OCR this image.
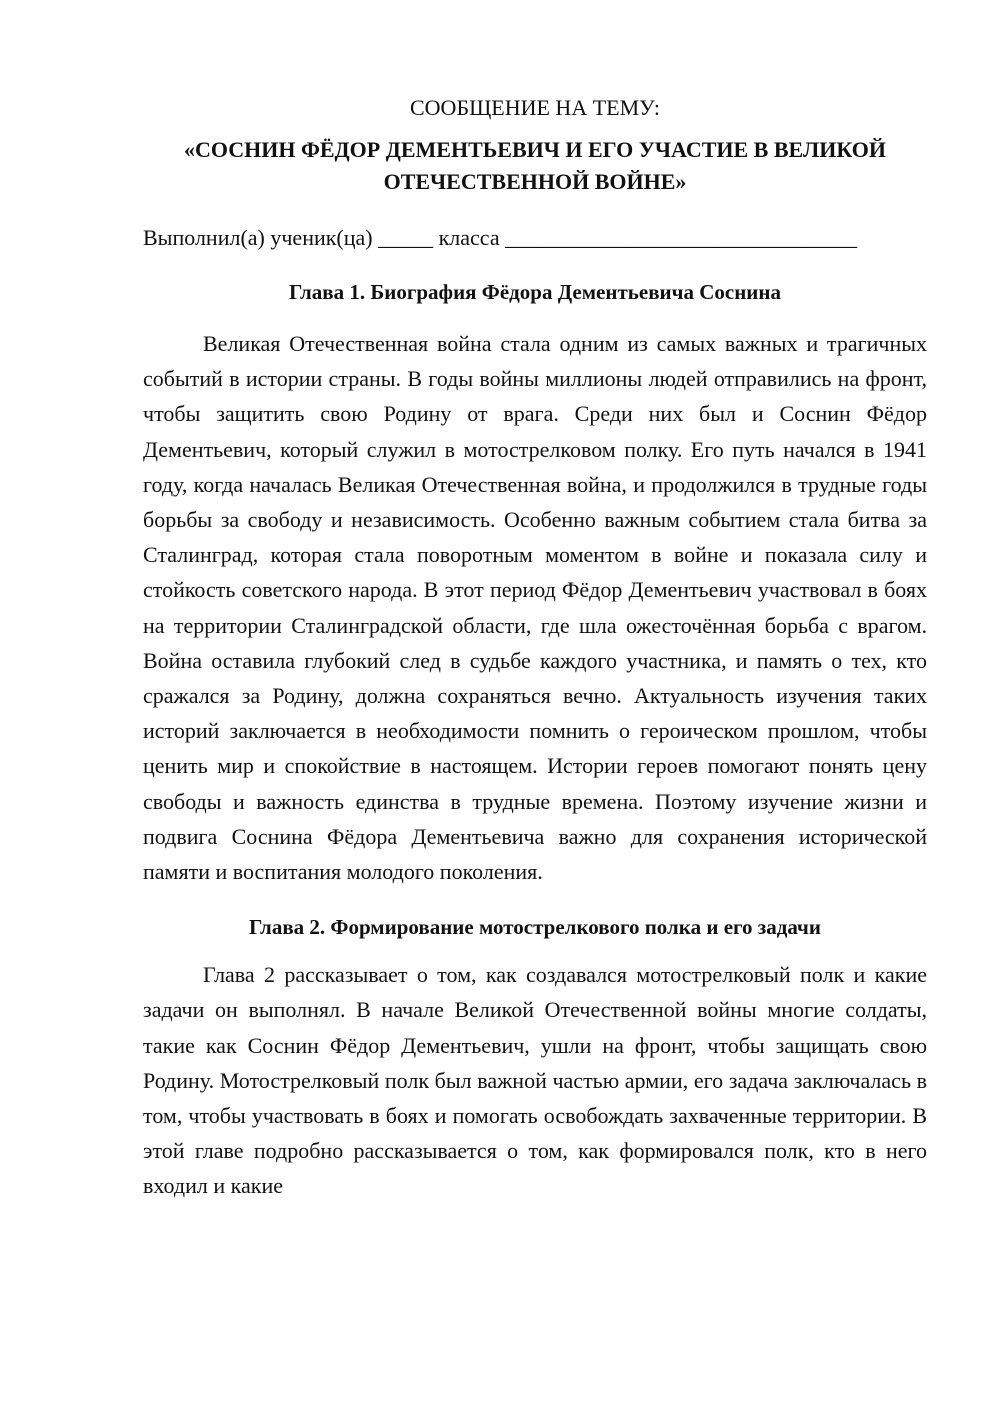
СООБЩЕНИЕ НА ТЕМУ:

«СОСНИН ФЁДОР ДЕМЕНТЬЕВИЧ И ЕГО УЧАСТИЕ В ВЕЛИКОЙ ОТЕЧЕСТВЕННОЙ ВОЙНЕ»

Выполнил(а) ученик(ца) _____ класса ________________________________

Глава 1. Биография Фёдора Дементьевича Соснина

Великая Отечественная война стала одним из самых важных и трагичных событий в истории страны. В годы войны миллионы людей отправились на фронт, чтобы защитить свою Родину от врага. Среди них был и Соснин Фёдор Дементьевич, который служил в мотострелковом полку. Его путь начался в 1941 году, когда началась Великая Отечественная война, и продолжился в трудные годы борьбы за свободу и независимость. Особенно важным событием стала битва за Сталинград, которая стала поворотным моментом в войне и показала силу и стойкость советского народа. В этот период Фёдор Дементьевич участвовал в боях на территории Сталинградской области, где шла ожесточённая борьба с врагом. Война оставила глубокий след в судьбе каждого участника, и память о тех, кто сражался за Родину, должна сохраняться вечно. Актуальность изучения таких историй заключается в необходимости помнить о героическом прошлом, чтобы ценить мир и спокойствие в настоящем. Истории героев помогают понять цену свободы и важность единства в трудные времена. Поэтому изучение жизни и подвига Соснина Фёдора Дементьевича важно для сохранения исторической памяти и воспитания молодого поколения.

Глава 2. Формирование мотострелкового полка и его задачи

Глава 2 рассказывает о том, как создавался мотострелковый полк и какие задачи он выполнял. В начале Великой Отечественной войны многие солдаты, такие как Соснин Фёдор Дементьевич, ушли на фронт, чтобы защищать свою Родину. Мотострелковый полк был важной частью армии, его задача заключалась в том, чтобы участвовать в боях и помогать освобождать захваченные территории. В этой главе подробно рассказывается о том, как формировался полк, кто в него входил и какие
